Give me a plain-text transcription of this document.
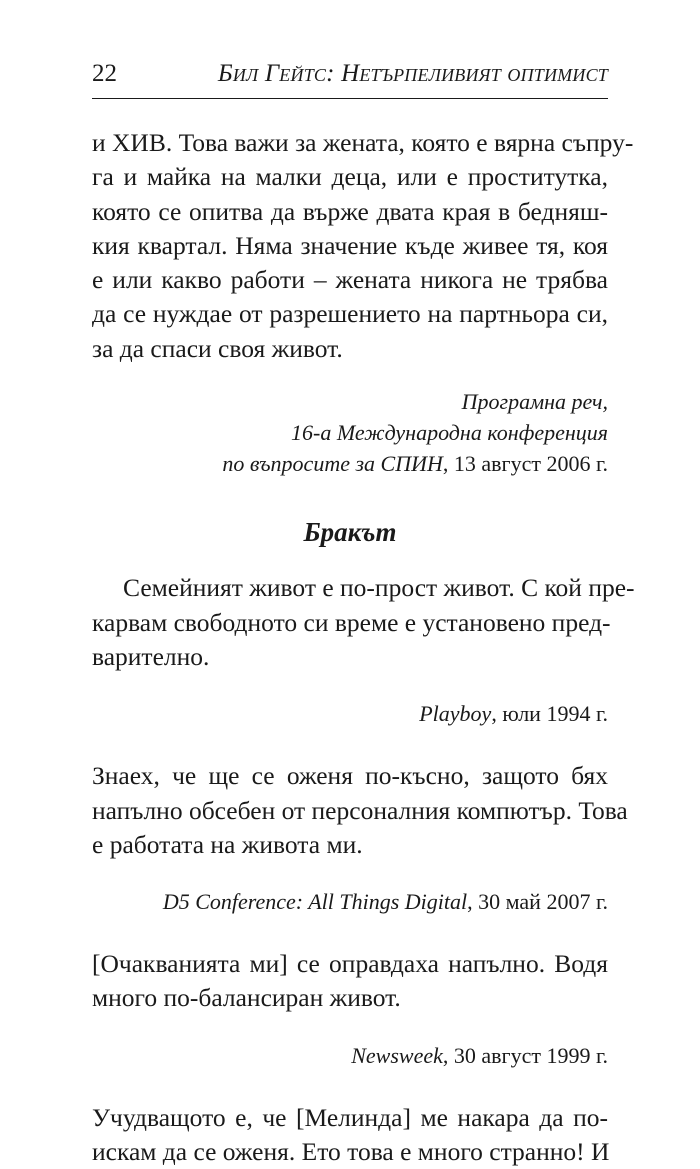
22	Бил Гейтс: Нетърпеливият оптимист

и ХИВ. Това важи за жената, която е вярна съпру-
га и майка на малки деца, или е проститутка,
която се опитва да върже двата края в бедняш-
кия квартал. Няма значение къде живее тя, коя
е или какво работи – жената никога не трябва
да се нуждае от разрешението на партньора си,
за да спаси своя живот.

Програмна реч,
16-а Международна конференция
по въпросите за СПИН, 13 август 2006 г.

Бракът

Семейният живот е по-прост живот. С кой пре-
карвам свободното си време е установено пред-
варително.

Playboy, юли 1994 г.

Знаех, че ще се оженя по-късно, защото бях
напълно обсебен от персоналния компютър. Това
е работата на живота ми.

D5 Conference: All Things Digital, 30 май 2007 г.

[Очакванията ми] се оправдаха напълно. Водя
много по-балансиран живот.

Newsweek, 30 август 1999 г.

Учудващото е, че [Мелинда] ме накара да по-
искам да се оженя. Ето това е много странно! И
